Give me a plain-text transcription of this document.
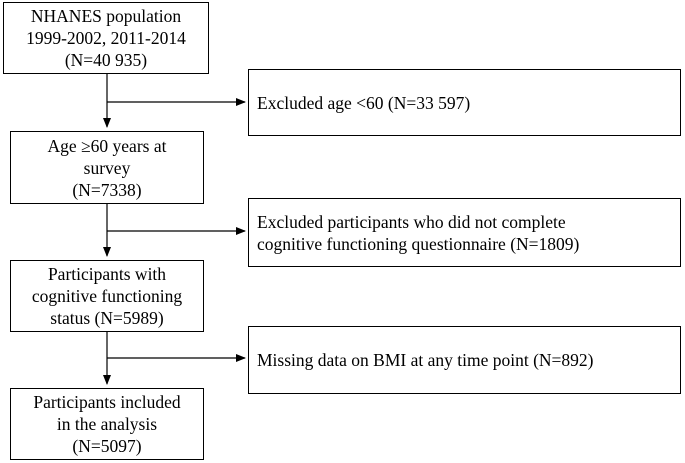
NHANES population
1999-2002, 2011-2014
(N=40 935)
Age ≥60 years at
survey
(N=7338)
Participants with
cognitive functioning
status (N=5989)
Participants included
in the analysis
(N=5097)
Excluded age <60 (N=33 597)
Excluded participants who did not complete
cognitive functioning questionnaire (N=1809)
Missing data on BMI at any time point (N=892)
